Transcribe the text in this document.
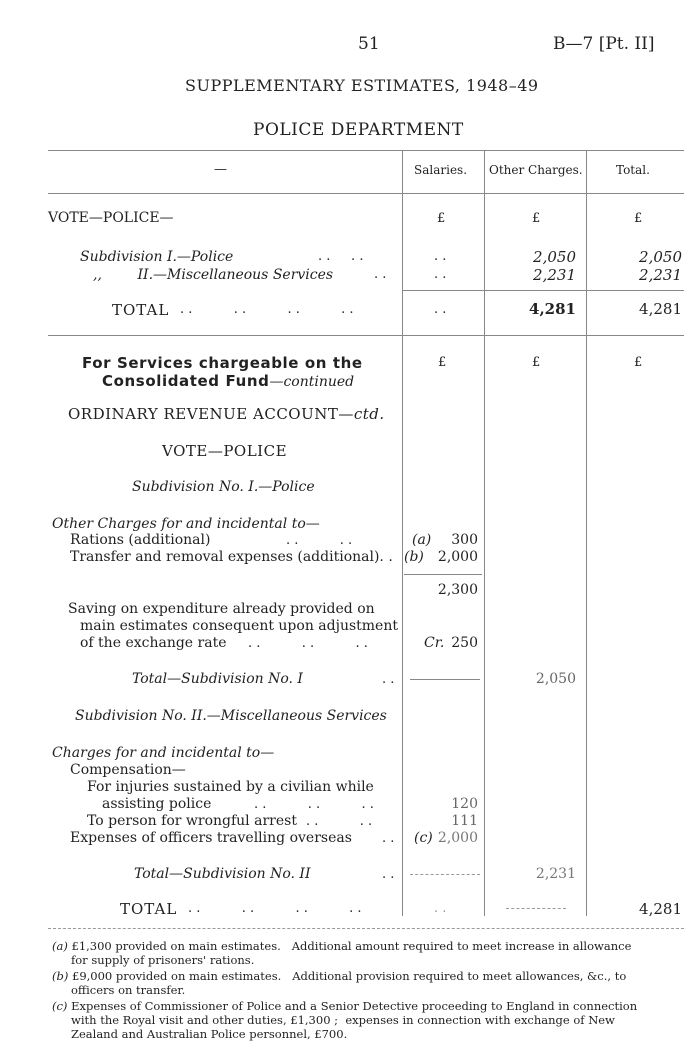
51	B—7 [Pt. II]
SUPPLEMENTARY ESTIMATES, 1948–49
POLICE DEPARTMENT
—	Salaries. Other Charges.	Total.
VOTE—POLICE—	£	£	£
Subdivision I.—Police	. .     . .	. .	2,050	2,050
,,        II.—Miscellaneous Services	. .	. .	2,231	2,231
TOTAL . .          . .          . .          . .	. .	4,281	4,281
For Services chargeable on the
Consolidated Fund—continued
£	£	£
ORDINARY REVENUE ACCOUNT—ctd.
VOTE—POLICE
Subdivision No. I.—Police
Other Charges for and incidental to—
Rations (additional)	. .          . .	(a)	300
Transfer and removal expenses (additional). . (b)	2,000
2,300
Saving on expenditure already provided on
main estimates consequent upon adjustment
of the exchange rate . .          . .          . .	Cr. 250
Total—Subdivision No. I	. .	2,050
Subdivision No. II.—Miscellaneous Services
Charges for and incidental to—
Compensation—
For injuries sustained by a civilian while
assisting police	. .          . .          . .	120
To person for wrongful arrest . .          . .	111
Expenses of officers travelling overseas . . (c) 2,000
Total—Subdivision No. II	. .	2,231
TOTAL . .          . .          . .          . .	. .	4,281
(a) £1,300 provided on main estimates.   Additional amount required to meet increase in allowance
for supply of prisoners' rations.
(b) £9,000 provided on main estimates.   Additional provision required to meet allowances, &c., to
officers on transfer.
(c) Expenses of Commissioner of Police and a Senior Detective proceeding to England in connection
with the Royal visit and other duties, £1,300 ;  expenses in connection with exchange of New
Zealand and Australian Police personnel, £700.
